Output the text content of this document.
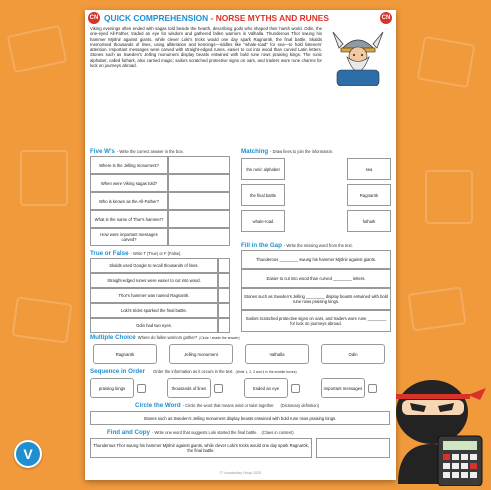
CN QUICK COMPREHENSION - NORSE MYTHS AND RUNES	CN
Viking evenings often ended with sagas told beside the hearth, describing gods who shaped their harsh world. Odin, the one-eyed All-Father, traded an eye for wisdom and gathered fallen warriors in Valhalla. Thunderous Thor swung his hammer Mjölnir against giants, while clever Loki's tricks would one day spark Ragnarök, the final battle. Skalds memorised thousands of lines, using alliteration and kennings—riddles like "whale-road" for sea—to hold listeners' attention. Important messages were carved with straight-edged runes, easier to cut into wood than curved Latin letters. Stones such as Sweden's Jelling monument display beasts entwined with bold rune rows praising kings. The runic alphabet, called futhark, also carried magic; sailors scratched protective signs on oars, and traders wore rune charms for luck on journeys abroad.
Five W's - Write the correct answer in the box.
Where is the Jelling monument?
When were Viking sagas told?
Who is known as the All-Father?
What is the name of Thor's hammer?
How were important messages carved?
Matching - Draw lines to join the information.
the runic alphabet
the final battle
whale-road
sea
Ragnarök
futhark
True or False - Write T (True) or F (False).
Skalds used Google to recall thousands of lines.
Straight-edged runes were easier to cut into wood.
Thor's hammer was named Ragnarök.
Loki's tricks sparked the final battle.
Odin had two eyes.
Fill in the Gap - Write the missing word from the text.
Thunderous ________ swung his hammer Mjölnir against giants.
Easier to cut into wood than curved ________ letters.
Stones such as Sweden's Jelling ________ display beasts entwined with bold rune rows praising kings.
Sailors scratched protective signs on oars, and traders wore rune ________ for luck on journeys abroad.
Multiple Choice Where do fallen warriors gather? (Circle / shade the answer)
Ragnarök	Jelling monument	Valhalla	Odin
Sequence in Order Order the information as it occurs in the text. (Write 1, 2, 3 and 4 in the smaller boxes)
praising kings	thousands of lines	traded an eye	important messages
Circle the Word - Circle the word that means wind or twist together. (Dictionary definition)
Stones such as Sweden's Jelling monument display beasts entwined with bold rune rows praising kings.
Find and Copy - Write one word that suggests Loki started the final battle. (Clues in content)
Thunderous Thor swung his hammer Mjölnir against giants, while clever Loki's tricks would one day spark Ragnarök, the final battle.
© Vocabulary Ninja 2025
V
